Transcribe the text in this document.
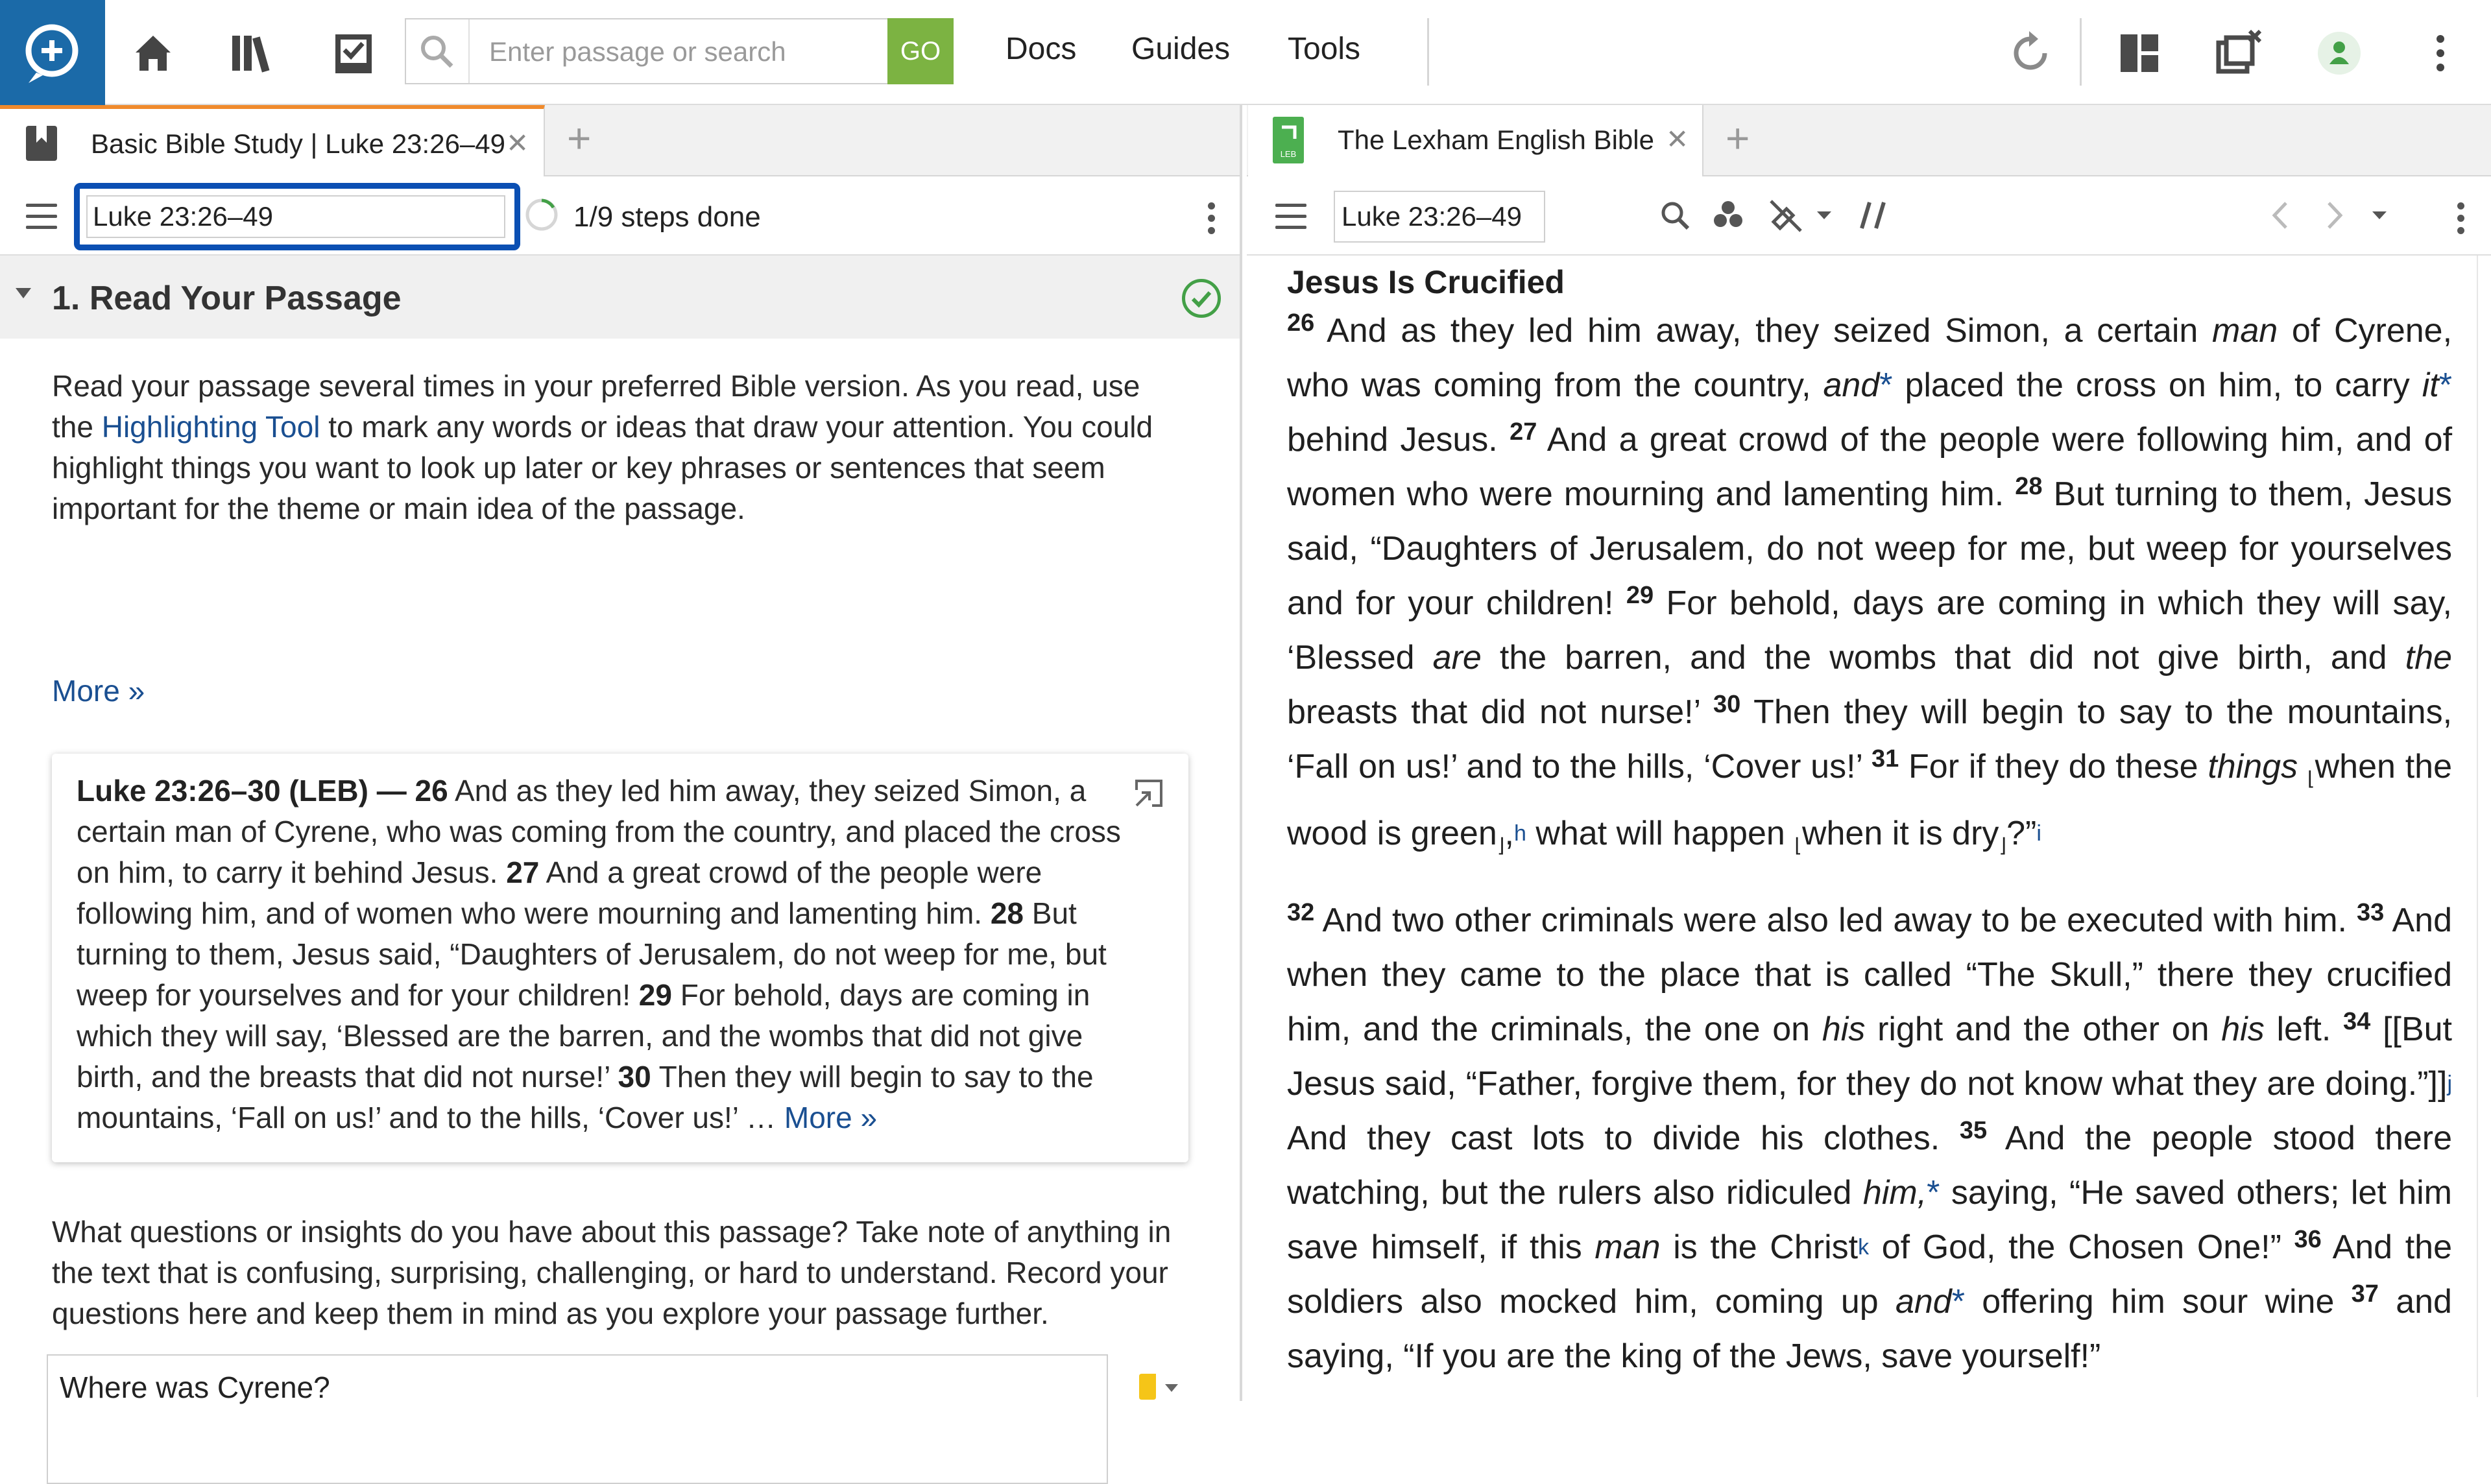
Enter passage or search
GO	Docs Guides Tools
Basic Bible Study | Luke 23:26–49 ✕ +
Luke 23:26–49
1/9 steps done
1. Read Your Passage
Read your passage several times in your preferred Bible version. As you read, use the Highlighting Tool to mark any words or ideas that draw your attention. You could highlight things you want to look up later or key phrases or sentences that seem important for the theme or main idea of the passage.
More »
Luke 23:26–30 (LEB) — 26 And as they led him away, they seized Simon, a certain man of Cyrene, who was coming from the country, and placed the cross on him, to carry it behind Jesus. 27 And a great crowd of the people were following him, and of women who were mourning and lamenting him. 28 But turning to them, Jesus said, “Daughters of Jerusalem, do not weep for me, but weep for yourselves and for your children! 29 For behold, days are coming in which they will say, ‘Blessed are the barren, and the wombs that did not give birth, and the breasts that did not nurse!’ 30 Then they will begin to say to the mountains, ‘Fall on us!’ and to the hills, ‘Cover us!’ … More »
What questions or insights do you have about this passage? Take note of anything in the text that is confusing, surprising, challenging, or hard to understand. Record your questions here and keep them in mind as you explore your passage further.
Where was Cyrene?
LEB The Lexham English Bible ✕ +
Luke 23:26–49
Jesus Is Crucified

$^{26}$ And as they led him away, they seized Simon, a certain man of Cyrene, who was coming from the country, and* placed the cross on him, to carry it* behind Jesus. $^{27}$ And a great crowd of the people were following him, and of women who were mourning and lamenting him. $^{28}$ But turning to them, Jesus said, “Daughters of Jerusalem, do not weep for me, but weep for yourselves and for your children! $^{29}$ For behold, days are coming in which they will say, ‘Blessed are the barren, and the wombs that did not give birth, and the breasts that did not nurse!’ $^{30}$ Then they will begin to say to the mountains, ‘Fall on us!’ and to the hills, ‘Cover us!’ $^{31}$ For if they do these things $_⌊$when the wood is green$_⌋$,$^h$ what will happen $_⌊$when it is dry$_⌋$?”$^i$

$^{32}$ And two other criminals were also led away to be executed with him. $^{33}$ And when they came to the place that is called “The Skull,” there they crucified him, and the criminals, the one on his right and the other on his left. $^{34}$ [[But Jesus said, “Father, forgive them, for they do not know what they are doing.”]]$^j$ And they cast lots to divide his clothes. $^{35}$ And the people stood there watching, but the rulers also ridiculed him,* saying, “He saved others; let him save himself, if this man is the Christ$^k$ of God, the Chosen One!” $^{36}$ And the soldiers also mocked him, coming up and* offering him sour wine $^{37}$ and saying, “If you are the king of the Jews, save yourself!”
